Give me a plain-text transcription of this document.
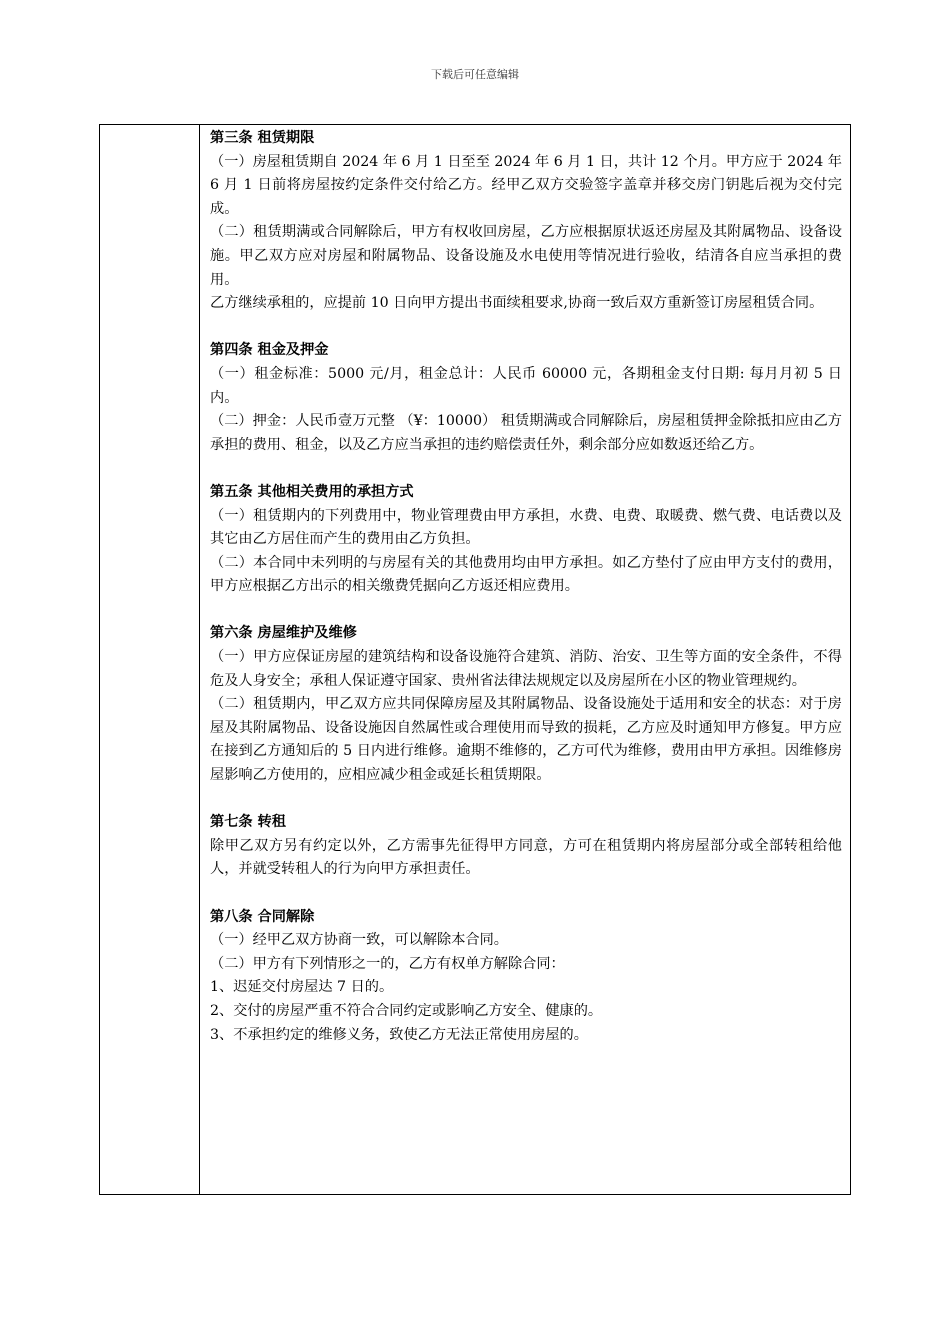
下载后可任意编辑

第三条 租赁期限

（一）房屋租赁期自 2024 年 6 月 1 日至至 2024 年 6 月 1 日，共计 12 个月。甲方应于 2024 年 6 月 1 日前将房屋按约定条件交付给乙方。经甲乙双方交验签字盖章并移交房门钥匙后视为交付完成。

（二）租赁期满或合同解除后，甲方有权收回房屋，乙方应根据原状返还房屋及其附属物品、设备设施。甲乙双方应对房屋和附属物品、设备设施及水电使用等情况进行验收，结清各自应当承担的费用。

乙方继续承租的，应提前 10 日向甲方提出书面续租要求,协商一致后双方重新签订房屋租赁合同。

第四条 租金及押金

（一）租金标准：5000 元/月，租金总计：人民币 60000 元，各期租金支付日期: 每月月初 5 日内。

（二）押金：人民币壹万元整 （¥：10000） 租赁期满或合同解除后，房屋租赁押金除抵扣应由乙方承担的费用、租金，以及乙方应当承担的违约赔偿责任外，剩余部分应如数返还给乙方。

第五条 其他相关费用的承担方式

（一）租赁期内的下列费用中，物业管理费由甲方承担，水费、电费、取暖费、燃气费、电话费以及其它由乙方居住而产生的费用由乙方负担。

（二）本合同中未列明的与房屋有关的其他费用均由甲方承担。如乙方垫付了应由甲方支付的费用，甲方应根据乙方出示的相关缴费凭据向乙方返还相应费用。

第六条 房屋维护及维修

（一）甲方应保证房屋的建筑结构和设备设施符合建筑、消防、治安、卫生等方面的安全条件，不得危及人身安全；承租人保证遵守国家、贵州省法律法规规定以及房屋所在小区的物业管理规约。

（二）租赁期内，甲乙双方应共同保障房屋及其附属物品、设备设施处于适用和安全的状态：对于房屋及其附属物品、设备设施因自然属性或合理使用而导致的损耗，乙方应及时通知甲方修复。甲方应在接到乙方通知后的 5 日内进行维修。逾期不维修的，乙方可代为维修，费用由甲方承担。因维修房屋影响乙方使用的，应相应减少租金或延长租赁期限。

第七条 转租

除甲乙双方另有约定以外，乙方需事先征得甲方同意，方可在租赁期内将房屋部分或全部转租给他人，并就受转租人的行为向甲方承担责任。

第八条 合同解除

（一）经甲乙双方协商一致，可以解除本合同。

（二）甲方有下列情形之一的，乙方有权单方解除合同：

1、迟延交付房屋达 7 日的。

2、交付的房屋严重不符合合同约定或影响乙方安全、健康的。

3、不承担约定的维修义务，致使乙方无法正常使用房屋的。
